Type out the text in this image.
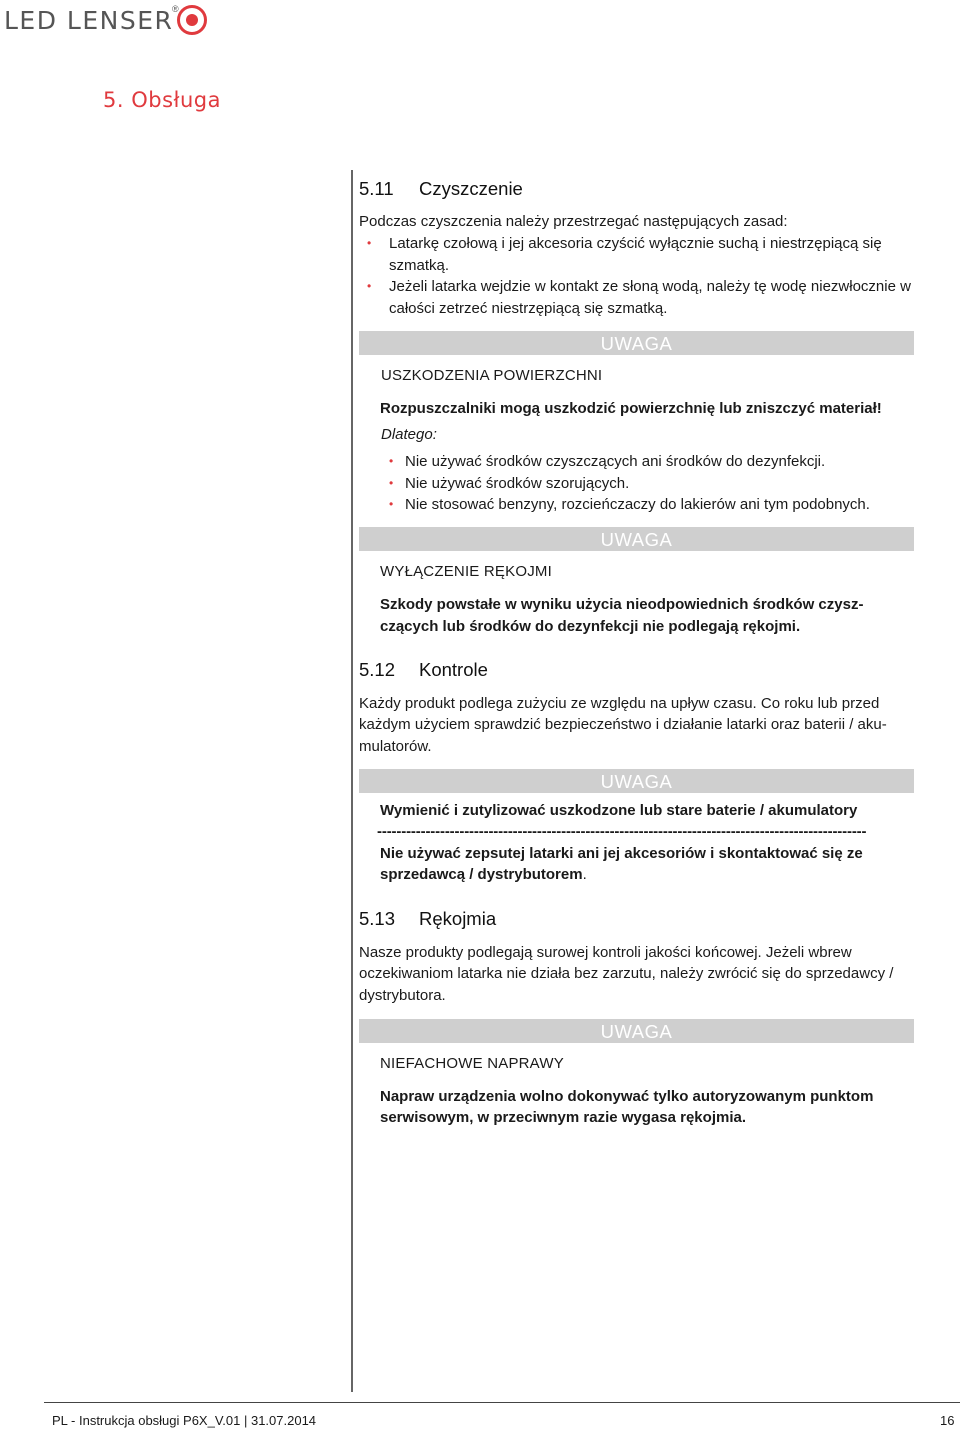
LED LENSER
®
5. Obsługa
5.11 Czyszczenie
Podczas czyszczenia należy przestrzegać następujących zasad:
• Latarkę czołową i jej akcesoria czyścić wyłącznie suchą i niestrzępiącą się szmatką.
• Jeżeli latarka wejdzie w kontakt ze słoną wodą, należy tę wodę niezwłocznie w całości zetrzeć niestrzępiącą się szmatką.
UWAGA
USZKODZENIA POWIERZCHNI
Rozpuszczalniki mogą uszkodzić powierzchnię lub zniszczyć materiał!
Dlatego:
• Nie używać środków czyszczących ani środków do dezynfekcji.
• Nie używać środków szorujących.
• Nie stosować benzyny, rozcieńczaczy do lakierów ani tym podobnych.
UWAGA
WYŁĄCZENIE RĘKOJMI
Szkody powstałe w wyniku użycia nieodpowiednich środków czysz-
czących lub środków do dezynfekcji nie podlegają rękojmi.
5.12 Kontrole
Każdy produkt podlega zużyciu ze względu na upływ czasu. Co roku lub przed
każdym użyciem sprawdzić bezpieczeństwo i działanie latarki oraz baterii / aku-
mulatorów.
UWAGA
Wymienić i zutylizować uszkodzone lub stare baterie / akumulatory
-----------------------------------------------------------------------------------------------------
Nie używać zepsutej latarki ani jej akcesoriów i skontaktować się ze
sprzedawcą / dystrybutorem.
5.13 Rękojmia
Nasze produkty podlegają surowej kontroli jakości końcowej. Jeżeli wbrew
oczekiwaniom latarka nie działa bez zarzutu, należy zwrócić się do sprzedawcy /
dystrybutora.
UWAGA
NIEFACHOWE NAPRAWY
Napraw urządzenia wolno dokonywać tylko autoryzowanym punktom
serwisowym, w przeciwnym razie wygasa rękojmia.
PL - Instrukcja obsługi P6X_V.01 | 31.07.2014	16
